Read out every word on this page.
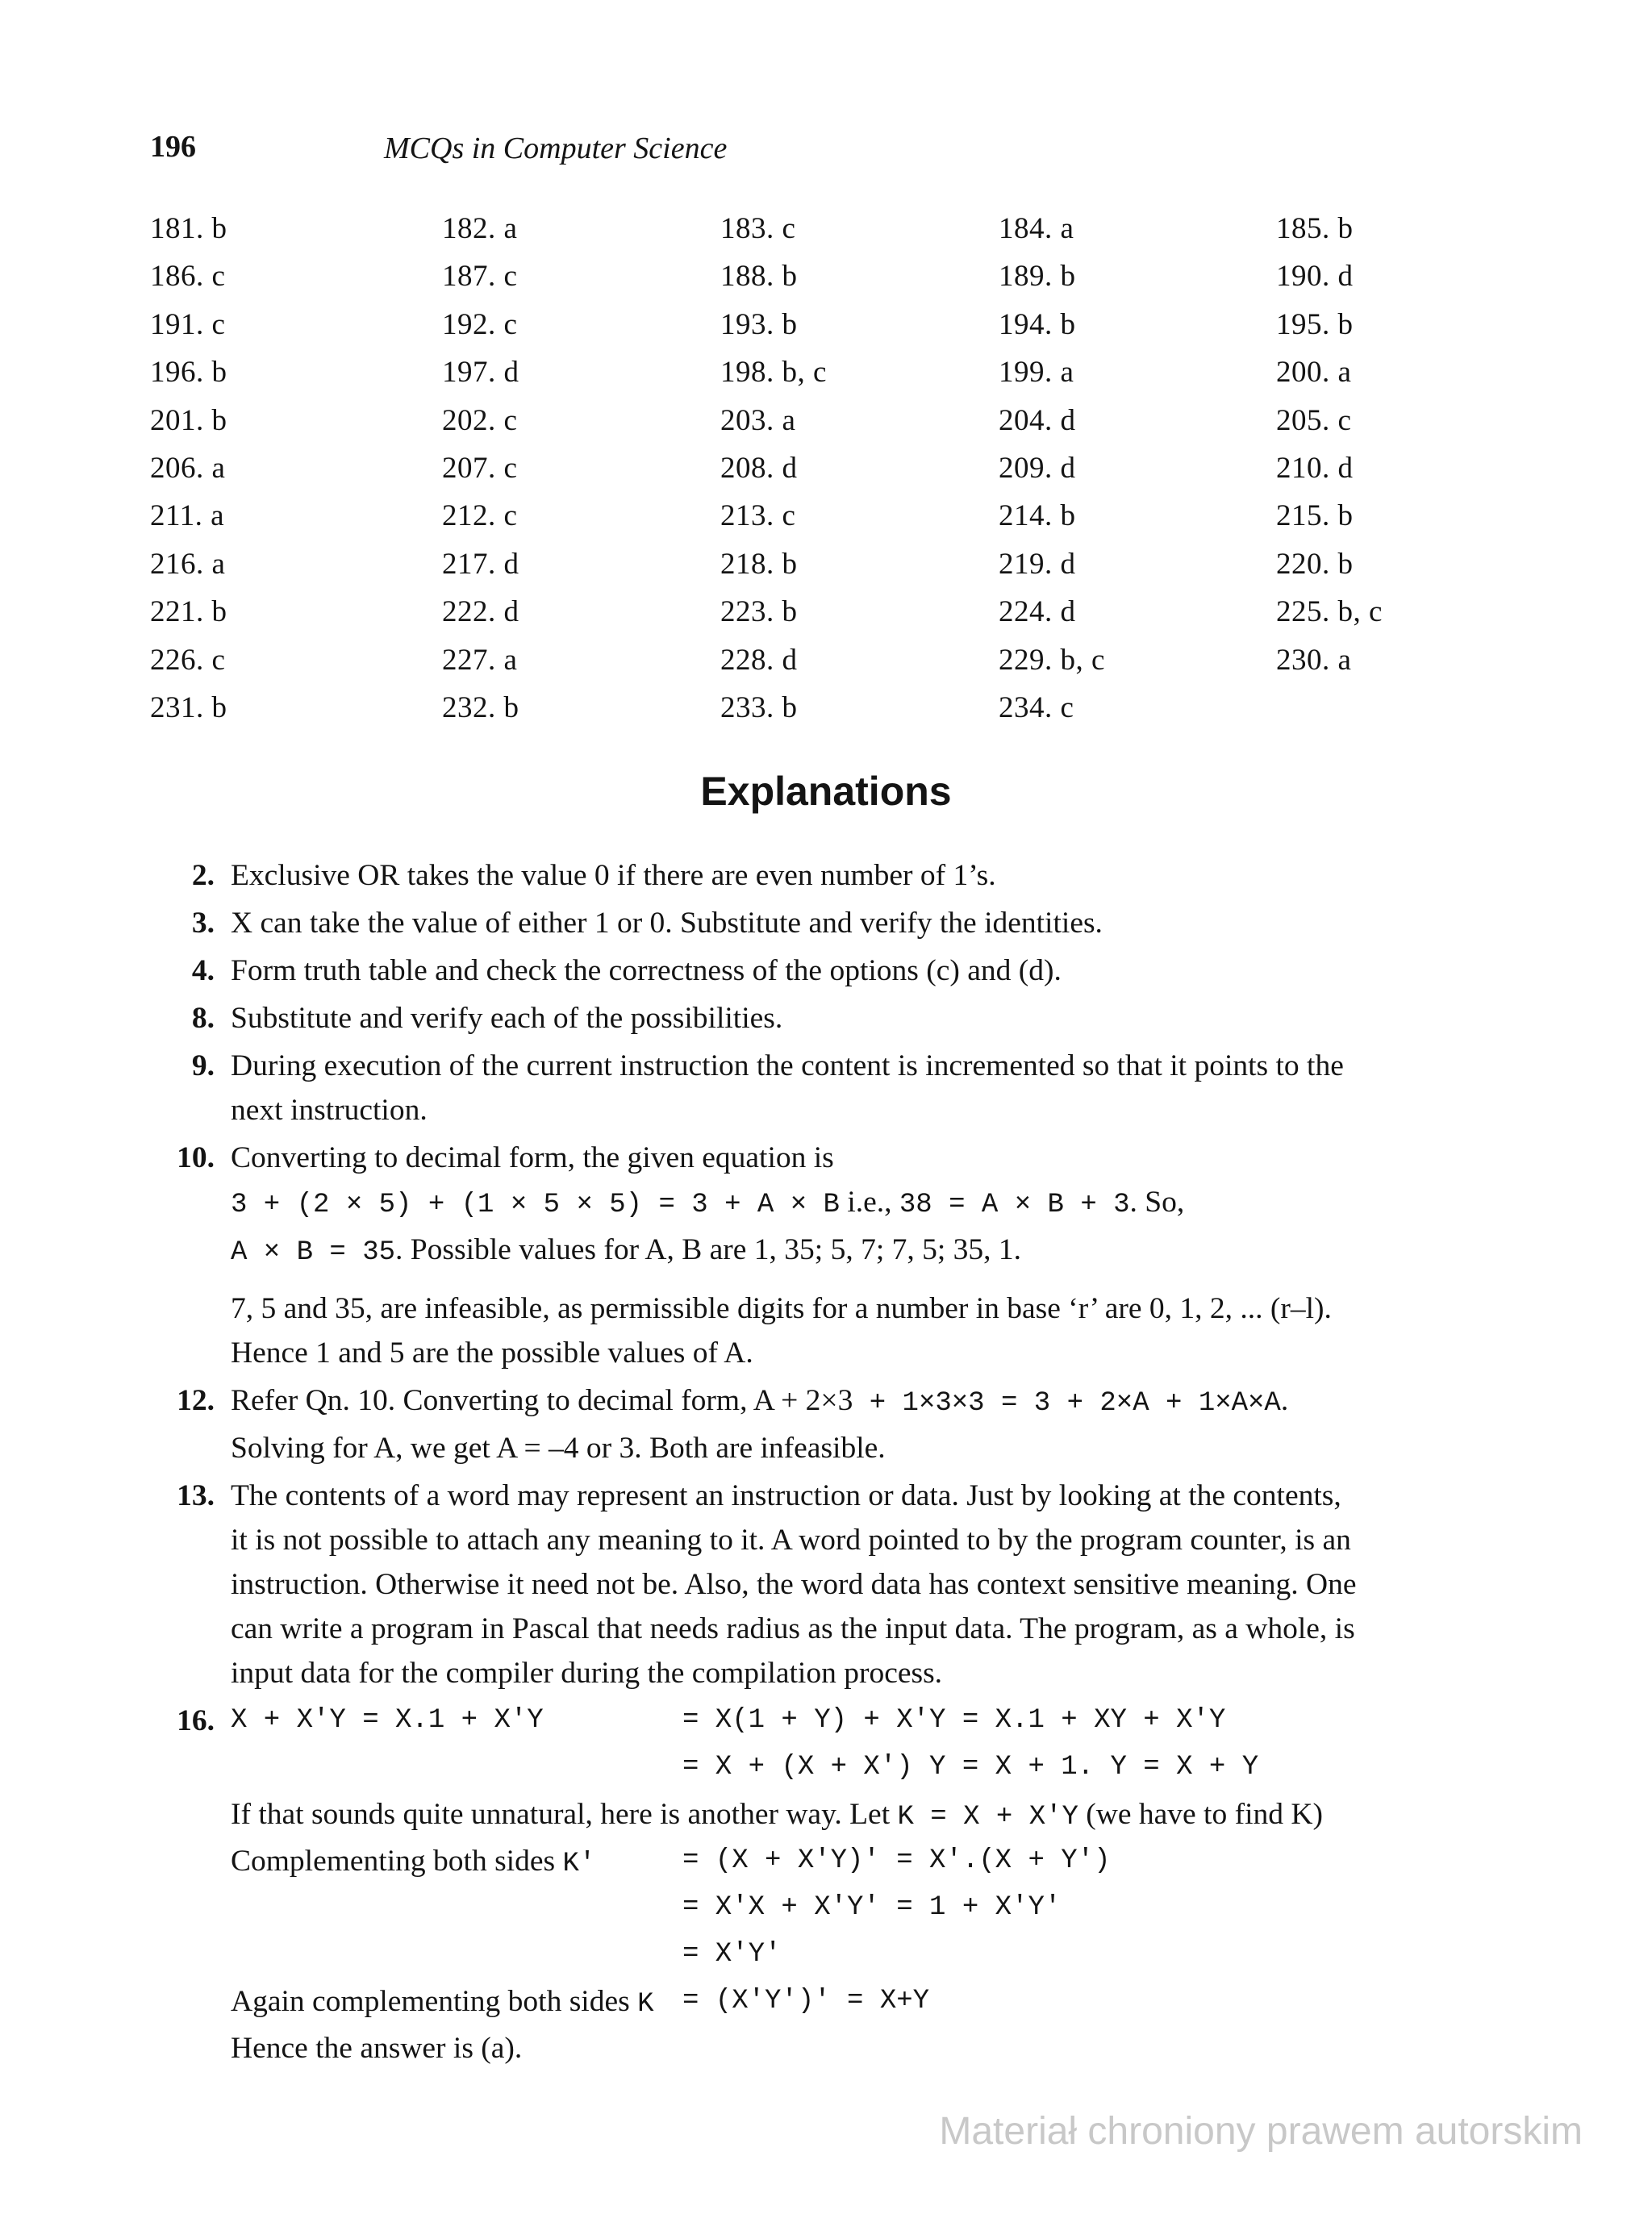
196	MCQs in Computer Science
181. b	182. a	183. c	184. a	185. b
186. c	187. c	188. b	189. b	190. d
191. c	192. c	193. b	194. b	195. b
196. b	197. d	198. b, c	199. a	200. a
201. b	202. c	203. a	204. d	205. c
206. a	207. c	208. d	209. d	210. d
211. a	212. c	213. c	214. b	215. b
216. a	217. d	218. b	219. d	220. b
221. b	222. d	223. b	224. d	225. b, c
226. c	227. a	228. d	229. b, c	230. a
231. b	232. b	233. b	234. c
Explanations
2. Exclusive OR takes the value 0 if there are even number of 1’s.
3. X can take the value of either 1 or 0. Substitute and verify the identities.
4. Form truth table and check the correctness of the options (c) and (d).
8. Substitute and verify each of the possibilities.
9. During execution of the current instruction the content is incremented so that it points to the
next instruction.
10. Converting to decimal form, the given equation is
3 + (2 × 5) + (1 × 5 × 5) = 3 + A × B i.e., 38 = A × B + 3. So,
A × B = 35. Possible values for A, B are 1, 35; 5, 7; 7, 5; 35, 1.
7, 5 and 35, are infeasible, as permissible digits for a number in base ‘r’ are 0, 1, 2, ... (r–l).
Hence 1 and 5 are the possible values of A.
12. Refer Qn. 10. Converting to decimal form, A + 2×3 + 1×3×3 = 3 + 2×A + 1×A×A.
Solving for A, we get A = –4 or 3. Both are infeasible.
13. The contents of a word may represent an instruction or data. Just by looking at the contents,
it is not possible to attach any meaning to it. A word pointed to by the program counter, is an
instruction. Otherwise it need not be. Also, the word data has context sensitive meaning. One
can write a program in Pascal that needs radius as the input data. The program, as a whole, is
input data for the compiler during the compilation process.
16. X + X′Y = X.1 + X′Y	= X(1 + Y) + X′Y = X.1 + XY + X′Y
= X + (X + X′) Y = X + 1. Y = X + Y
If that sounds quite unnatural, here is another way. Let K = X + X′Y (we have to find K)
Complementing both sides K′	= (X + X′Y)′ = X′.(X + Y′)
= X′X + X′Y′ = 1 + X′Y′
= X′Y′
Again complementing both sides K = (X′Y′)′ = X+Y
Hence the answer is (a).
Materiał chroniony prawem autorskim
